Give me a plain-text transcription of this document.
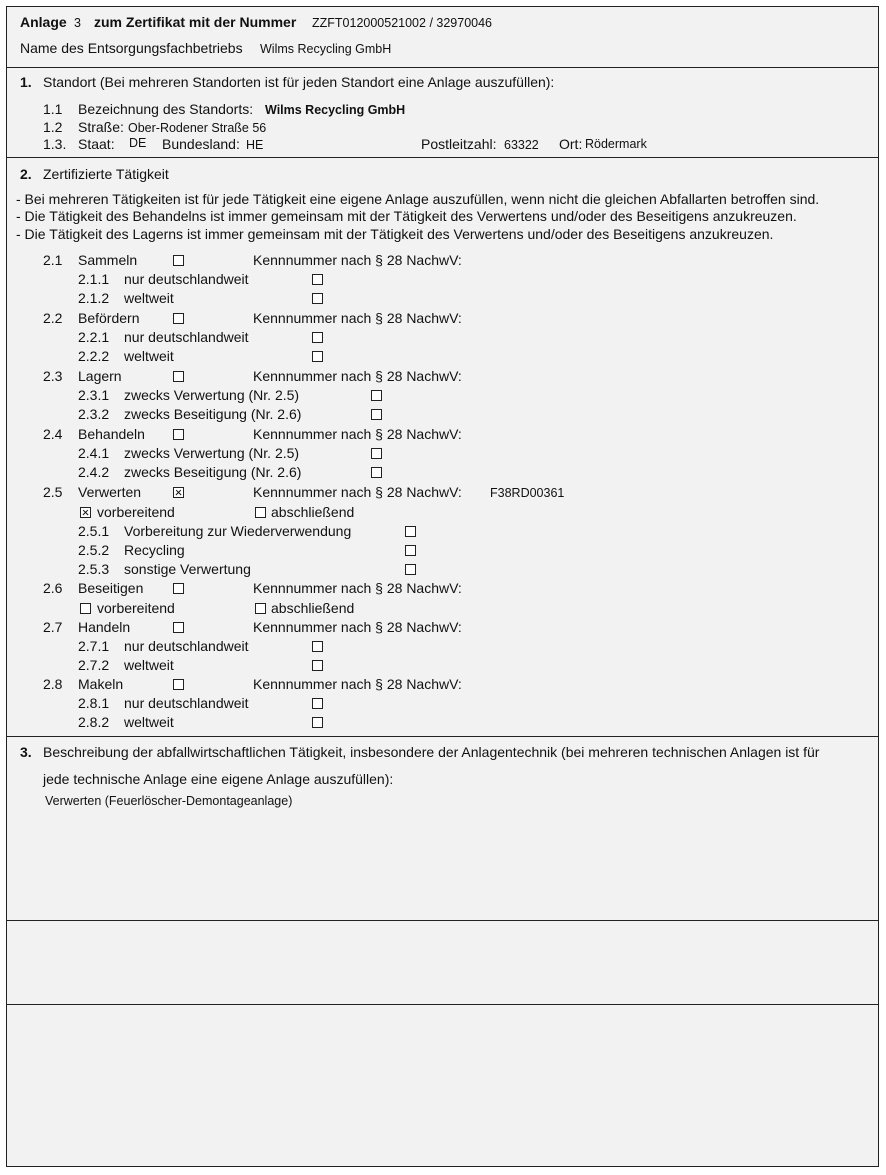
Anlage 3 zum Zertifikat mit der Nummer ZZFT012000521002 / 32970046
Name des Entsorgungsfachbetriebs Wilms Recycling GmbH
1. Standort (Bei mehreren Standorten ist für jeden Standort eine Anlage auszufüllen):
1.1 Bezeichnung des Standorts: Wilms Recycling GmbH
1.2 Straße: Ober-Rodener Straße 56
1.3. Staat: DE Bundesland: HE	Postleitzahl: 63322 Ort: Rödermark
2. Zertifizierte Tätigkeit
- Bei mehreren Tätigkeiten ist für jede Tätigkeit eine eigene Anlage auszufüllen, wenn nicht die gleichen Abfallarten betroffen sind.
- Die Tätigkeit des Behandelns ist immer gemeinsam mit der Tätigkeit des Verwertens und/oder des Beseitigens anzukreuzen.
- Die Tätigkeit des Lagerns ist immer gemeinsam mit der Tätigkeit des Verwertens und/oder des Beseitigens anzukreuzen.
2.1 Sammeln	Kennnummer nach § 28 NachwV:
2.1.1 nur deutschlandweit
2.1.2 weltweit
2.2 Befördern	Kennnummer nach § 28 NachwV:
2.2.1 nur deutschlandweit
2.2.2 weltweit
2.3 Lagern	Kennnummer nach § 28 NachwV:
2.3.1 zwecks Verwertung (Nr. 2.5)
2.3.2 zwecks Beseitigung (Nr. 2.6)
2.4 Behandeln	Kennnummer nach § 28 NachwV:
2.4.1 zwecks Verwertung (Nr. 2.5)
2.4.2 zwecks Beseitigung (Nr. 2.6)
2.5 Verwerten	Kennnummer nach § 28 NachwV: F38RD00361
vorbereitend	abschließend
2.5.1 Vorbereitung zur Wiederverwendung
2.5.2 Recycling
2.5.3 sonstige Verwertung
2.6 Beseitigen	Kennnummer nach § 28 NachwV:
vorbereitend	abschließend
2.7 Handeln	Kennnummer nach § 28 NachwV:
2.7.1 nur deutschlandweit
2.7.2 weltweit
2.8 Makeln	Kennnummer nach § 28 NachwV:
2.8.1 nur deutschlandweit
2.8.2 weltweit
3. Beschreibung der abfallwirtschaftlichen Tätigkeit, insbesondere der Anlagentechnik (bei mehreren technischen Anlagen ist für
jede technische Anlage eine eigene Anlage auszufüllen):
Verwerten (Feuerlöscher-Demontageanlage)
